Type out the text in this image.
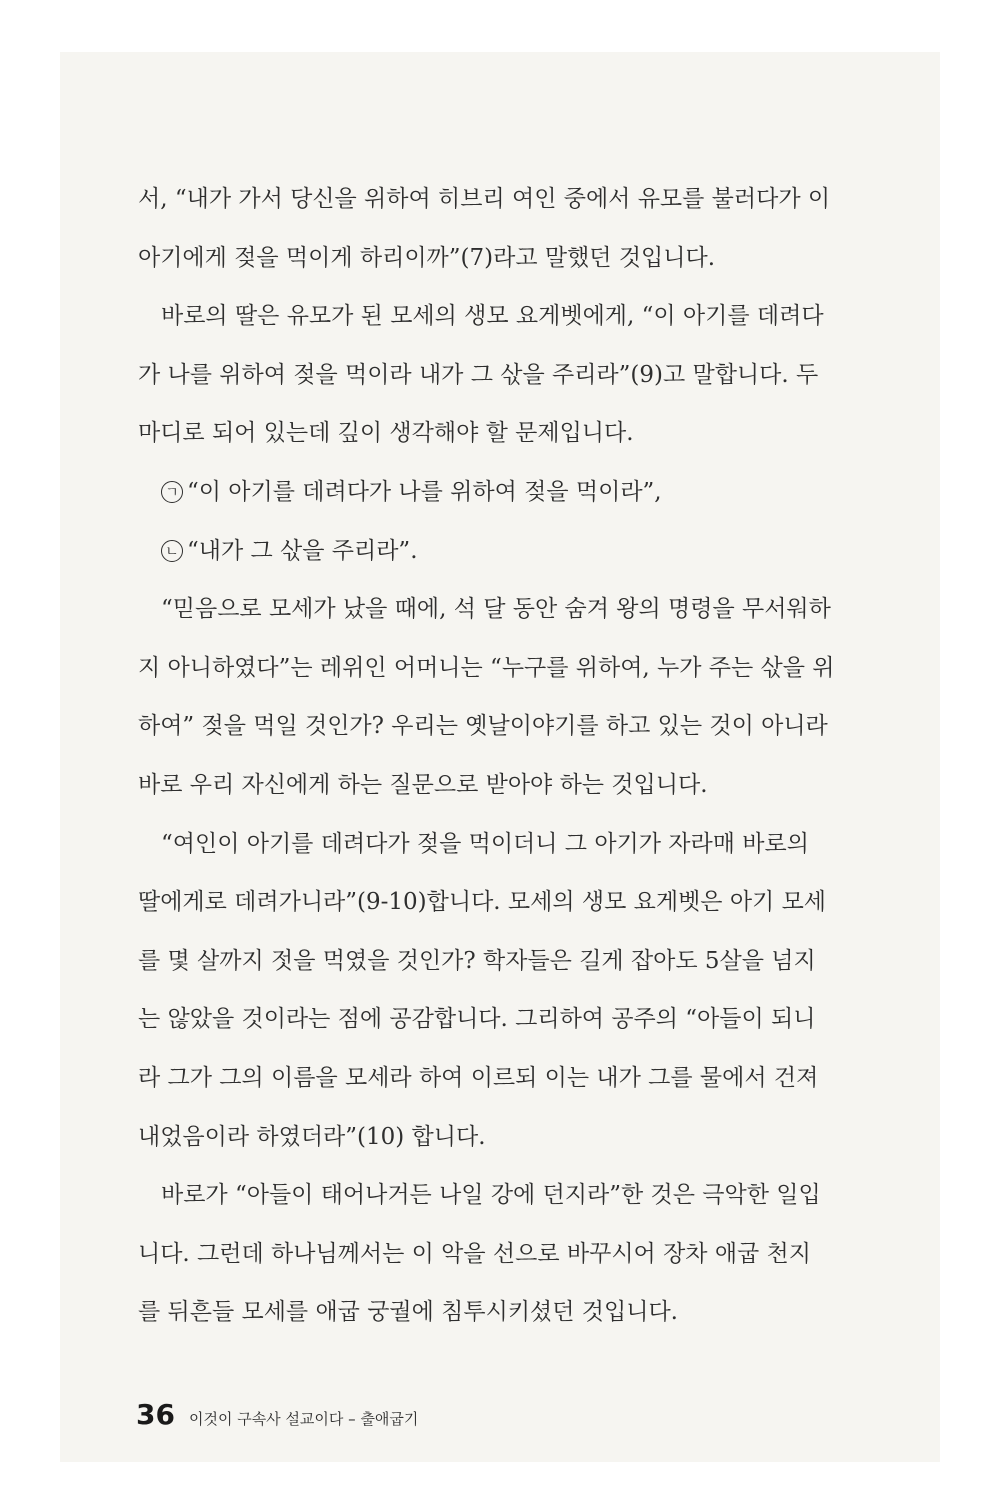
서, “내가 가서 당신을 위하여 히브리 여인 중에서 유모를 불러다가 이
아기에게 젖을 먹이게 하리이까”(7)라고 말했던 것입니다.
바로의 딸은 유모가 된 모세의 생모 요게벳에게, “이 아기를 데려다
가 나를 위하여 젖을 먹이라 내가 그 삯을 주리라”(9)고 말합니다. 두
마디로 되어 있는데 깊이 생각해야 할 문제입니다.
ㄱ “이 아기를 데려다가 나를 위하여 젖을 먹이라”,
ㄴ “내가 그 삯을 주리라”.
“믿음으로 모세가 났을 때에, 석 달 동안 숨겨 왕의 명령을 무서워하
지 아니하였다”는 레위인 어머니는 “누구를 위하여, 누가 주는 삯을 위
하여” 젖을 먹일 것인가? 우리는 옛날이야기를 하고 있는 것이 아니라
바로 우리 자신에게 하는 질문으로 받아야 하는 것입니다.
“여인이 아기를 데려다가 젖을 먹이더니 그 아기가 자라매 바로의
딸에게로 데려가니라”(9-10)합니다. 모세의 생모 요게벳은 아기 모세
를 몇 살까지 젓을 먹였을 것인가? 학자들은 길게 잡아도 5살을 넘지
는 않았을 것이라는 점에 공감합니다. 그리하여 공주의 “아들이 되니
라 그가 그의 이름을 모세라 하여 이르되 이는 내가 그를 물에서 건져
내었음이라 하였더라”(10) 합니다.
바로가 “아들이 태어나거든 나일 강에 던지라”한 것은 극악한 일입
니다. 그런데 하나님께서는 이 악을 선으로 바꾸시어 장차 애굽 천지
를 뒤흔들 모세를 애굽 궁궐에 침투시키셨던 것입니다.
36 이것이 구속사 설교이다 – 출애굽기
